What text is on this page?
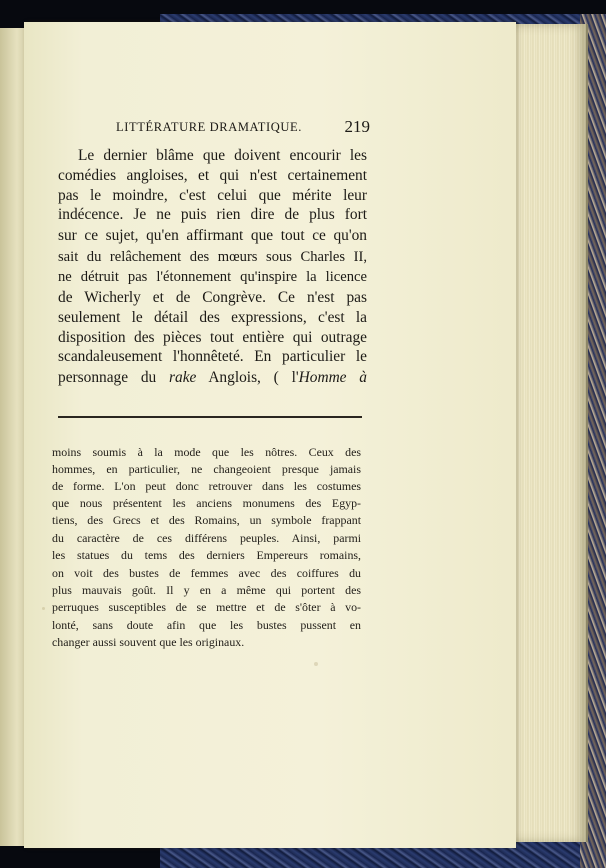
LITTÉRATURE DRAMATIQUE. 219
Le dernier blâme que doivent encourir les
comédies angloises, et qui n'est certainement
pas le moindre, c'est celui que mérite leur
indécence. Je ne puis rien dire de plus fort
sur ce sujet, qu'en affirmant que tout ce qu'on
sait du relâchement des mœurs sous Charles II,
ne détruit pas l'étonnement qu'inspire la licence
de Wicherly et de Congrève. Ce n'est pas
seulement le détail des expressions, c'est la
disposition des pièces tout entière qui outrage
scandaleusement l'honnêteté. En particulier le
personnage du rake Anglois, ( l'Homme à
moins soumis à la mode que les nôtres. Ceux des
hommes, en particulier, ne changeoient presque jamais
de forme. L'on peut donc retrouver dans les costumes
que nous présentent les anciens monumens des Egyp-
tiens, des Grecs et des Romains, un symbole frappant
du caractère de ces différens peuples. Ainsi, parmi
les statues du tems des derniers Empereurs romains,
on voit des bustes de femmes avec des coiffures du
plus mauvais goût. Il y en a même qui portent des
perruques susceptibles de se mettre et de s'ôter à vo-
lonté, sans doute afin que les bustes pussent en
changer aussi souvent que les originaux.
